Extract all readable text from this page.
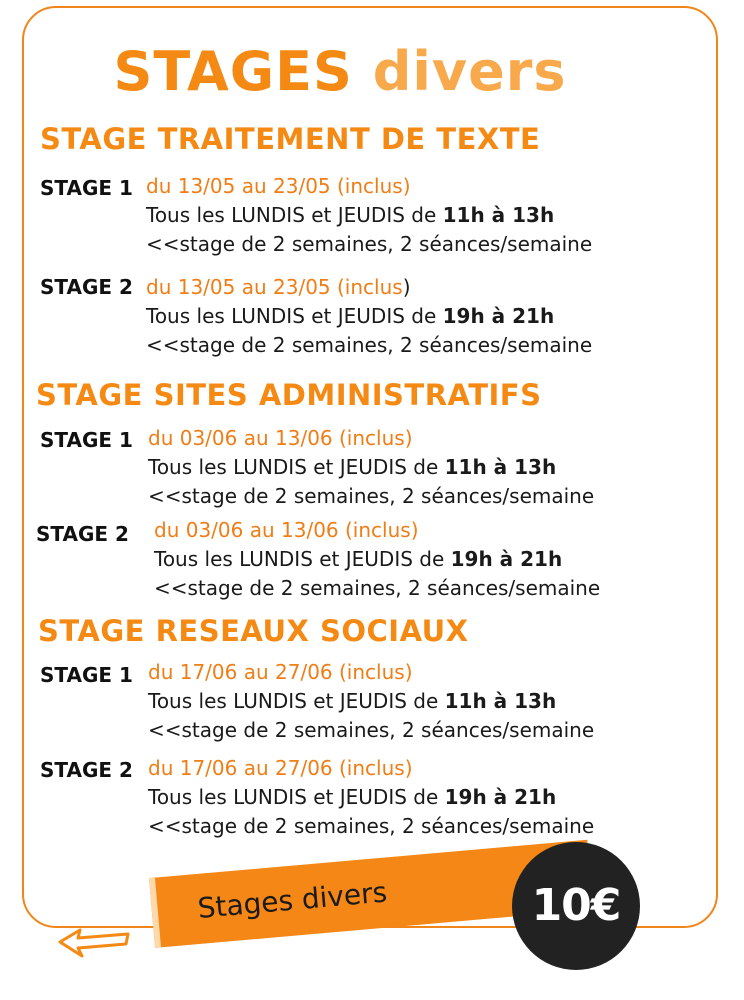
STAGES divers
STAGE TRAITEMENT DE TEXTE
STAGE 1 du 13/05 au 23/05 (inclus)
Tous les LUNDIS et JEUDIS de 11h à 13h
<<stage de 2 semaines, 2 séances/semaine
STAGE 2 du 13/05 au 23/05 (inclus)
Tous les LUNDIS et JEUDIS de 19h à 21h
<<stage de 2 semaines, 2 séances/semaine
STAGE SITES ADMINISTRATIFS
STAGE 1 du 03/06 au 13/06 (inclus)
Tous les LUNDIS et JEUDIS de 11h à 13h
<<stage de 2 semaines, 2 séances/semaine
STAGE 2 du 03/06 au 13/06 (inclus)
Tous les LUNDIS et JEUDIS de 19h à 21h
<<stage de 2 semaines, 2 séances/semaine
STAGE RESEAUX SOCIAUX
STAGE 1 du 17/06 au 27/06 (inclus)
Tous les LUNDIS et JEUDIS de 11h à 13h
<<stage de 2 semaines, 2 séances/semaine
STAGE 2 du 17/06 au 27/06 (inclus)
Tous les LUNDIS et JEUDIS de 19h à 21h
<<stage de 2 semaines, 2 séances/semaine
Stages divers	10€
